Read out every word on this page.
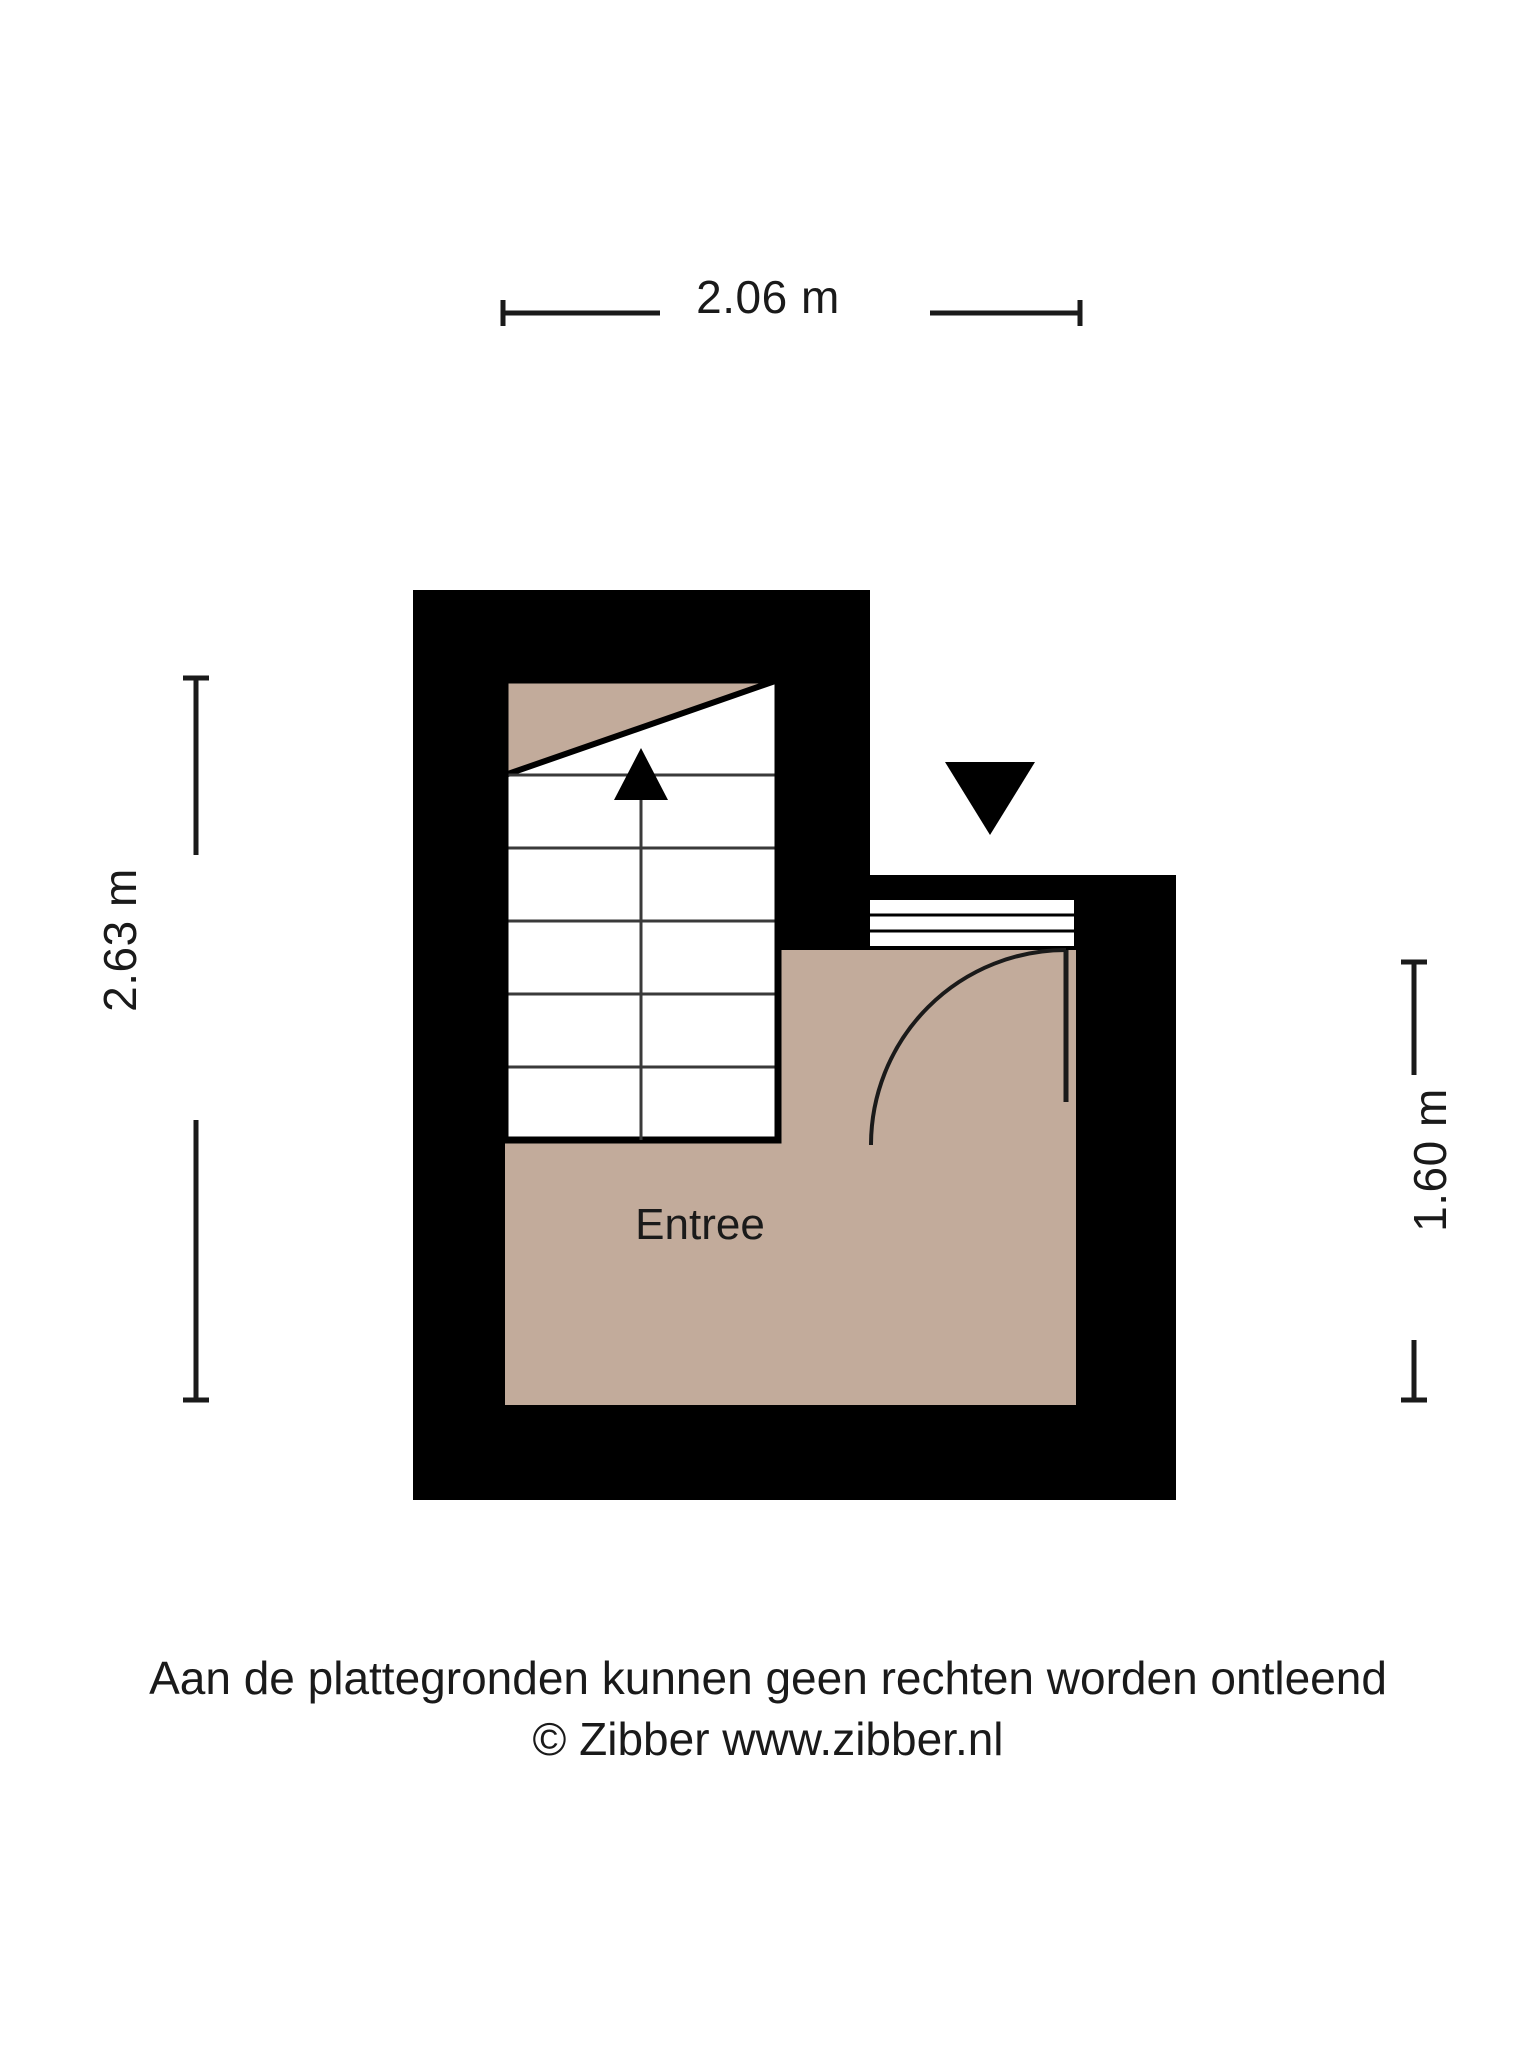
2.06 m
2.63 m
1.60 m
Entree
Aan de plattegronden kunnen geen rechten worden ontleend
© Zibber www.zibber.nl
